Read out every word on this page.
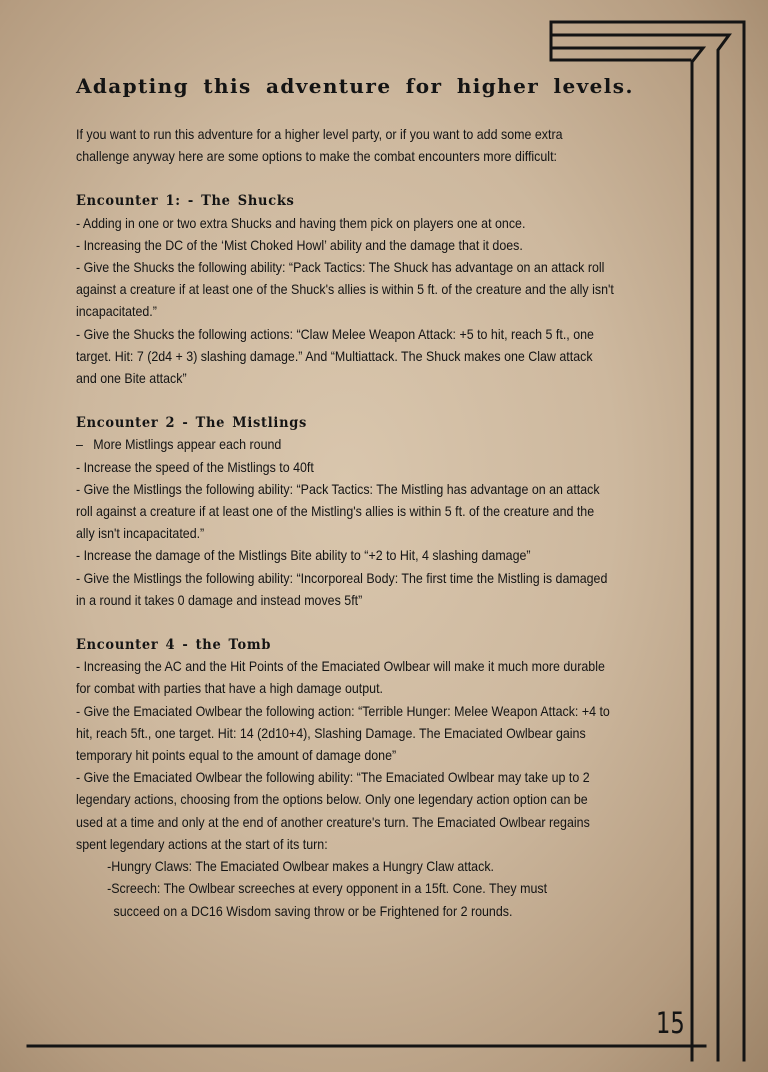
Adapting this adventure for higher levels.

If you want to run this adventure for a higher level party, or if you want to add some extra challenge anyway here are some options to make the combat encounters more difficult:

Encounter 1: - The Shucks

- Adding in one or two extra Shucks and having them pick on players one at once.

- Increasing the DC of the ‘Mist Choked Howl’ ability and the damage that it does.

- Give the Shucks the following ability: “Pack Tactics: The Shuck has advantage on an attack roll against a creature if at least one of the Shuck's allies is within 5 ft. of the creature and the ally isn't incapacitated.”

- Give the Shucks the following actions: “Claw Melee Weapon Attack: +5 to hit, reach 5 ft., one target. Hit: 7 (2d4 + 3) slashing damage.” And “Multiattack. The Shuck makes one Claw attack and one Bite attack”

Encounter 2 - The Mistlings

–   More Mistlings appear each round

- Increase the speed of the Mistlings to 40ft

- Give the Mistlings the following ability: “Pack Tactics: The Mistling has advantage on an attack roll against a creature if at least one of the Mistling's allies is within 5 ft. of the creature and the ally isn't incapacitated.”

- Increase the damage of the Mistlings Bite ability to “+2 to Hit, 4 slashing damage”

- Give the Mistlings the following ability: “Incorporeal Body: The first time the Mistling is damaged in a round it takes 0 damage and instead moves 5ft”

Encounter 4 - the Tomb

- Increasing the AC and the Hit Points of the Emaciated Owlbear will make it much more durable for combat with parties that have a high damage output.

- Give the Emaciated Owlbear the following action: “Terrible Hunger: Melee Weapon Attack: +4 to hit, reach 5ft., one target. Hit: 14 (2d10+4), Slashing Damage. The Emaciated Owlbear gains temporary hit points equal to the amount of damage done”

- Give the Emaciated Owlbear the following ability: “The Emaciated Owlbear may take up to 2 legendary actions, choosing from the options below. Only one legendary action option can be used at a time and only at the end of another creature's turn. The Emaciated Owlbear regains spent legendary actions at the start of its turn:

-Hungry Claws: The Emaciated Owlbear makes a Hungry Claw attack.

-Screech: The Owlbear screeches at every opponent in a 15ft. Cone. They must

succeed on a DC16 Wisdom saving throw or be Frightened for 2 rounds.

15
